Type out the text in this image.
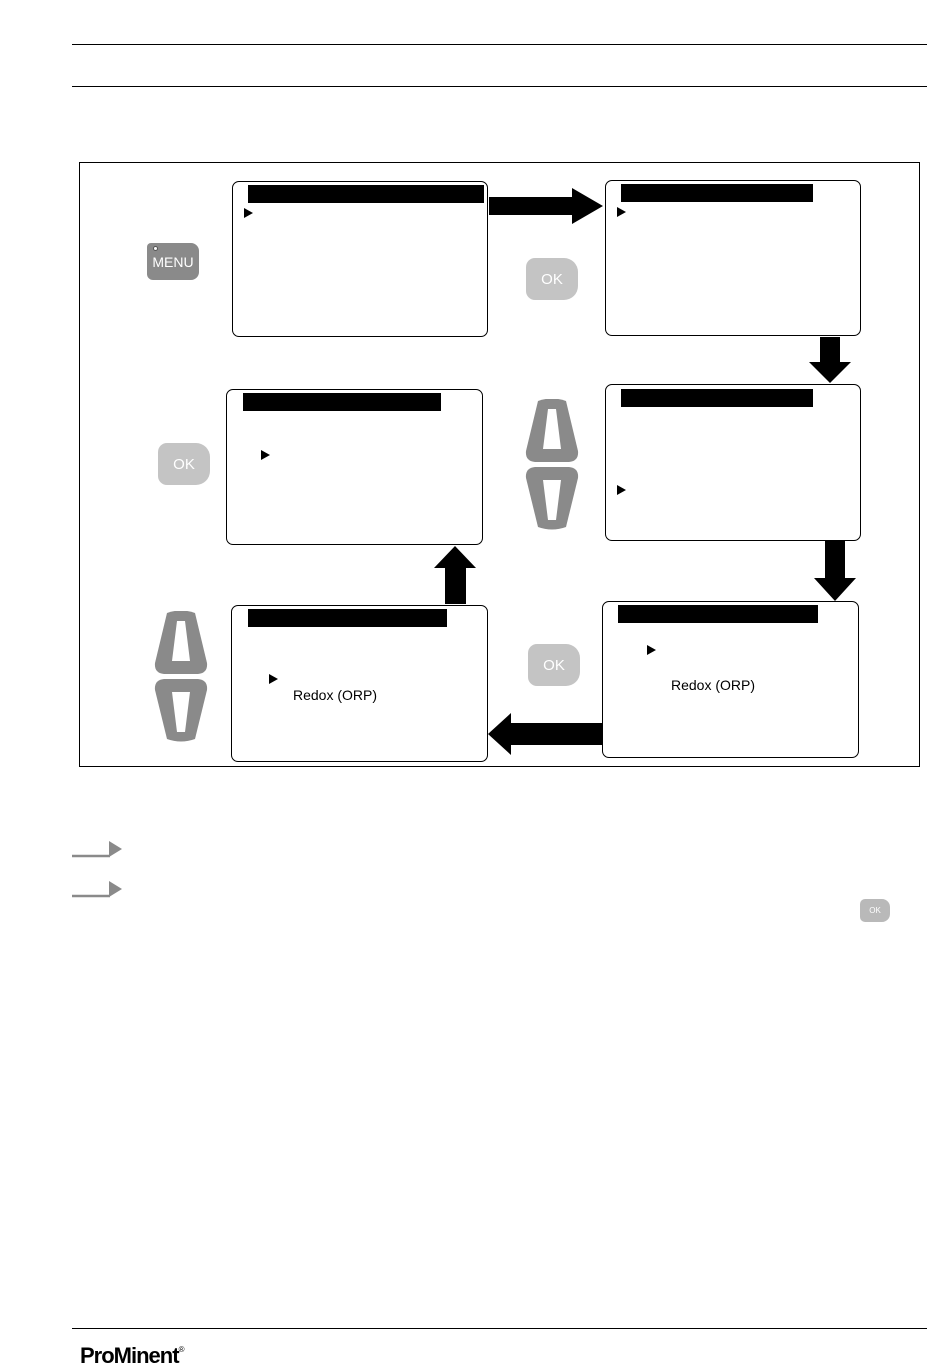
Redox (ORP)
Redox (ORP)
MENU
OK
OK
OK
OK
ProMinent®
